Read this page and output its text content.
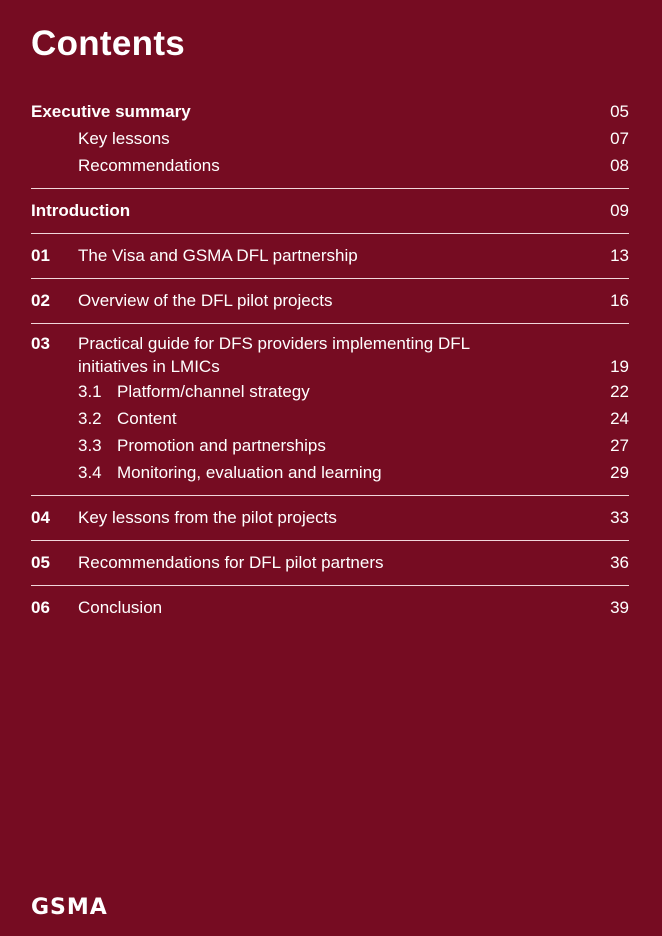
Contents
Executive summary	05
Key lessons	07
Recommendations	08
Introduction	09
01 The Visa and GSMA DFL partnership	13
02 Overview of the DFL pilot projects	16
03 Practical guide for DFS providers implementing DFL
initiatives in LMICs	19
3.1 Platform/channel strategy	22
3.2 Content	24
3.3 Promotion and partnerships	27
3.4 Monitoring, evaluation and learning	29
04 Key lessons from the pilot projects	33
05 Recommendations for DFL pilot partners	36
06 Conclusion	39
GSMA
